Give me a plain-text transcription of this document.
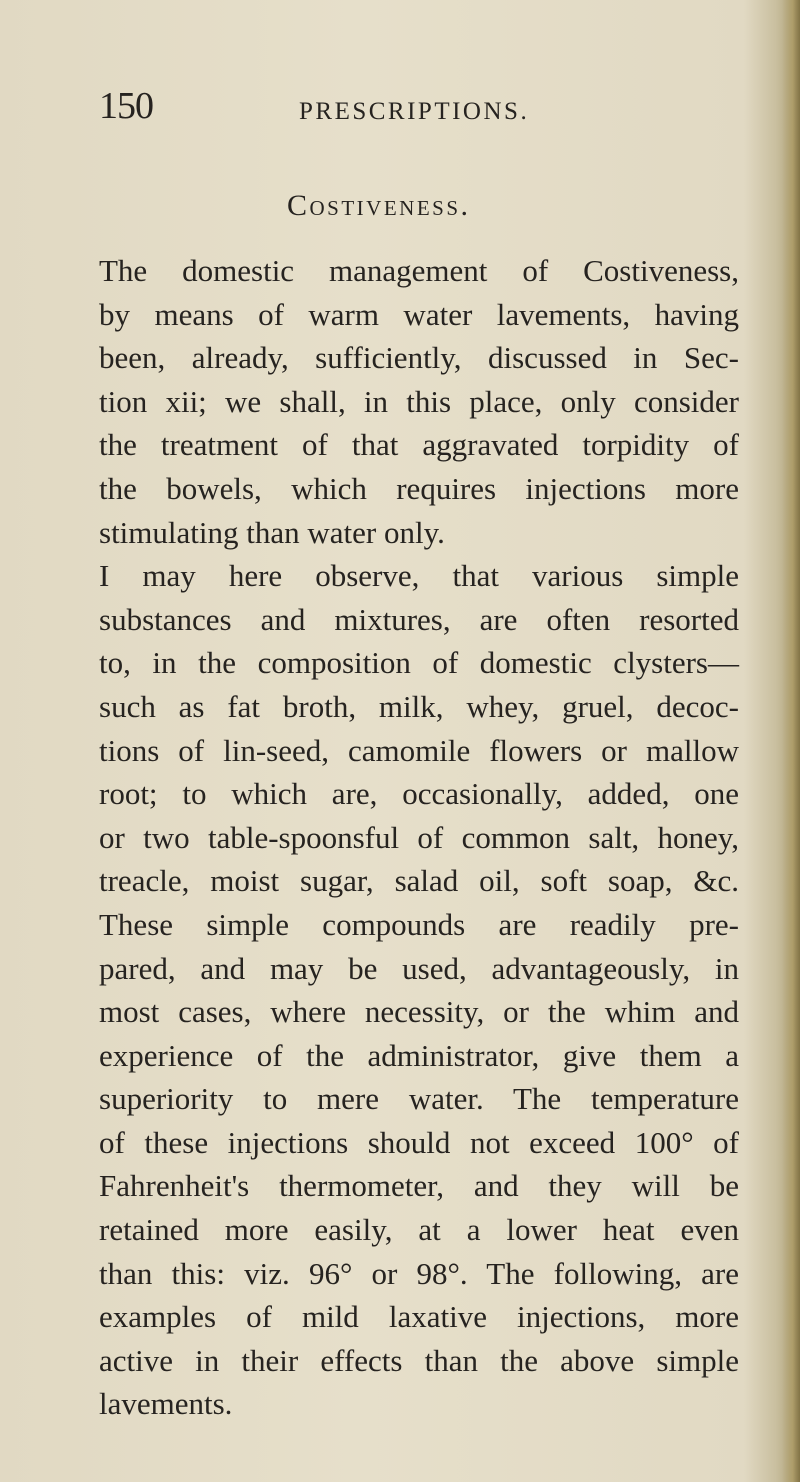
150	PRESCRIPTIONS.
Costiveness.
The domestic management of Costiveness,
by means of warm water lavements, having
been, already, sufficiently, discussed in Sec-
tion xii; we shall, in this place, only consider
the treatment of that aggravated torpidity of
the bowels, which requires injections more
stimulating than water only.
I may here observe, that various simple
substances and mixtures, are often resorted
to, in the composition of domestic clysters—
such as fat broth, milk, whey, gruel, decoc-
tions of lin-seed, camomile flowers or mallow
root; to which are, occasionally, added, one
or two table-spoonsful of common salt, honey,
treacle, moist sugar, salad oil, soft soap, &c.
These simple compounds are readily pre-
pared, and may be used, advantageously, in
most cases, where necessity, or the whim and
experience of the administrator, give them a
superiority to mere water. The temperature
of these injections should not exceed 100° of
Fahrenheit's thermometer, and they will be
retained more easily, at a lower heat even
than this: viz. 96° or 98°. The following, are
examples of mild laxative injections, more
active in their effects than the above simple
lavements.
